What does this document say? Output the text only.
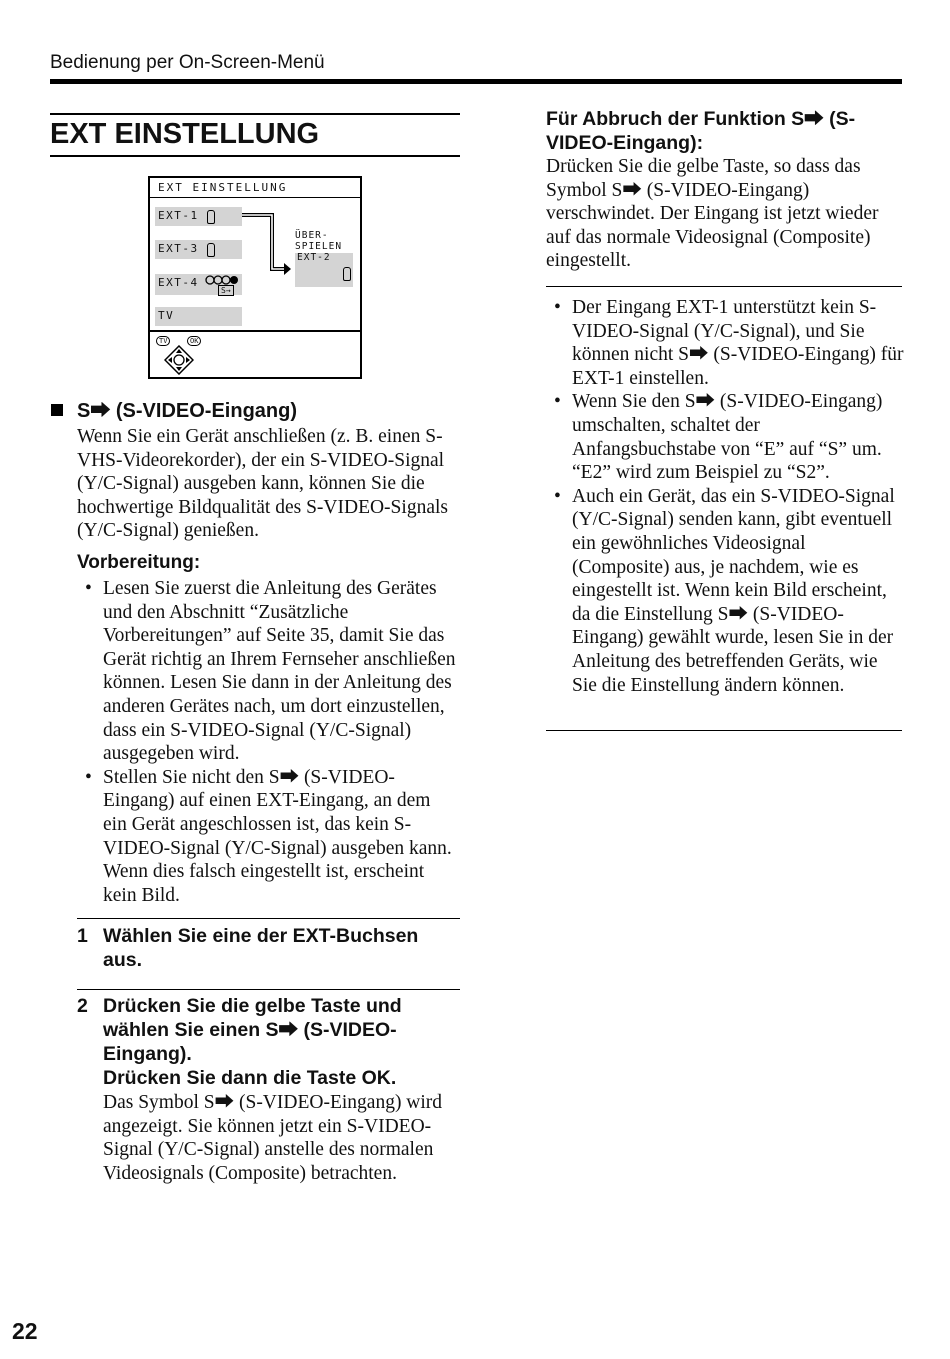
Bedienung per On-Screen-Menü
EXT EINSTELLUNG
EXT EINSTELLUNG
EXT-1
EXT-3
EXT-4
S→
TV
ÜBER-
SPIELEN
EXT-2
TV	OK
S⮕ (S-VIDEO-Eingang)
Wenn Sie ein Gerät anschließen (z. B. einen S-VHS-Videorekorder), der ein S-VIDEO-Signal (Y/C-Signal) ausgeben kann, können Sie die hochwertige Bildqualität des S-VIDEO-Signals (Y/C-Signal) genießen.
Vorbereitung:
• Lesen Sie zuerst die Anleitung des Gerätes und den Abschnitt “Zusätzliche Vorbereitungen” auf Seite 35, damit Sie das Gerät richtig an Ihrem Fernseher anschließen können. Lesen Sie dann in der Anleitung des anderen Gerätes nach, um dort einzustellen, dass ein S-VIDEO-Signal (Y/C-Signal) ausgegeben wird.
• Stellen Sie nicht den S⮕ (S-VIDEO-Eingang) auf einen EXT-Eingang, an dem ein Gerät angeschlossen ist, das kein S-VIDEO-Signal (Y/C-Signal) ausgeben kann. Wenn dies falsch eingestellt ist, erscheint kein Bild.
1 Wählen Sie eine der EXT-Buchsen aus.
2 Drücken Sie die gelbe Taste und wählen Sie einen S⮕ (S-VIDEO-Eingang).
Drücken Sie dann die Taste OK.
Das Symbol S⮕ (S-VIDEO-Eingang) wird angezeigt. Sie können jetzt ein S-VIDEO-Signal (Y/C-Signal) anstelle des normalen Videosignals (Composite) betrachten.
Für Abbruch der Funktion S⮕ (S-VIDEO-Eingang):
Drücken Sie die gelbe Taste, so dass das Symbol S⮕ (S-VIDEO-Eingang) verschwindet. Der Eingang ist jetzt wieder auf das normale Videosignal (Composite) eingestellt.
• Der Eingang EXT-1 unterstützt kein S-VIDEO-Signal (Y/C-Signal), und Sie können nicht S⮕ (S-VIDEO-Eingang) für EXT-1 einstellen.
• Wenn Sie den S⮕ (S-VIDEO-Eingang) umschalten, schaltet der Anfangsbuchstabe von “E” auf “S” um. “E2” wird zum Beispiel zu “S2”.
• Auch ein Gerät, das ein S-VIDEO-Signal (Y/C-Signal) senden kann, gibt eventuell ein gewöhnliches Videosignal (Composite) aus, je nachdem, wie es eingestellt ist. Wenn kein Bild erscheint, da die Einstellung S⮕ (S-VIDEO-Eingang) gewählt wurde, lesen Sie in der Anleitung des betreffenden Geräts, wie Sie die Einstellung ändern können.
22
